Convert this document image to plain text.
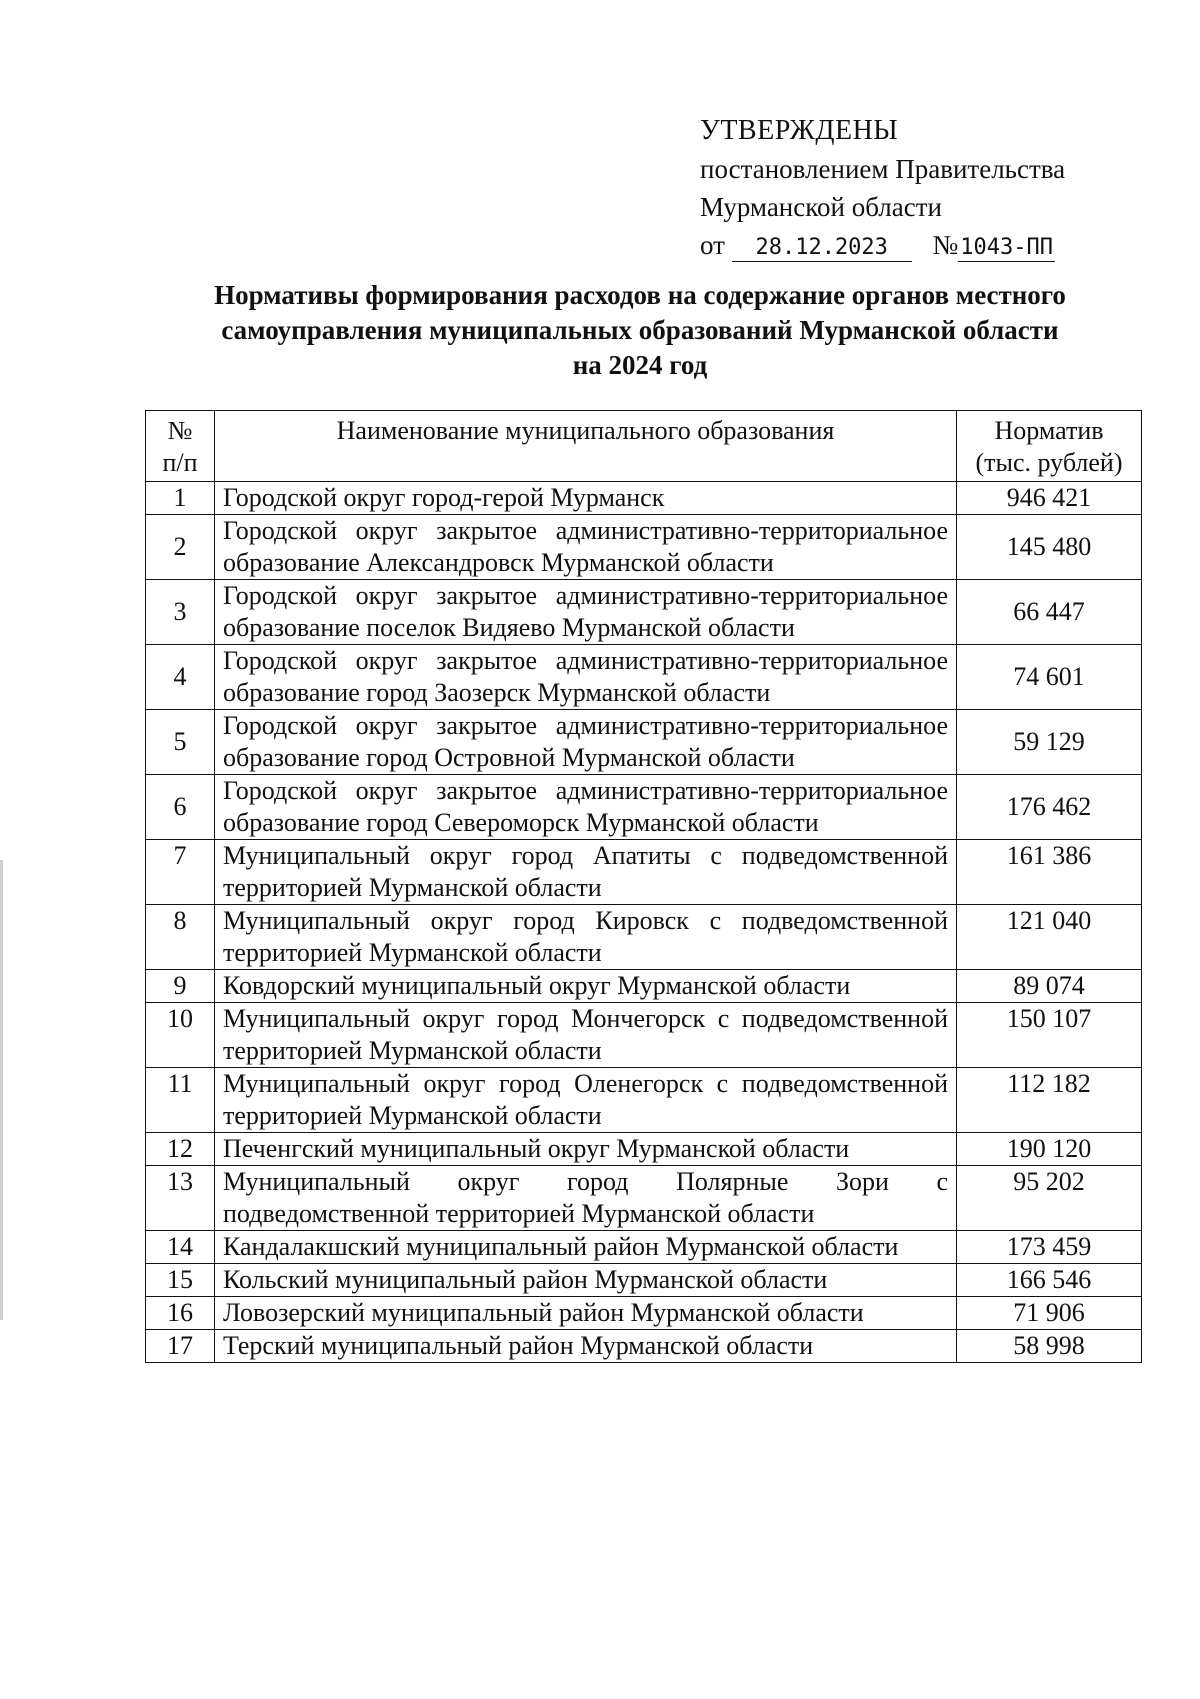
УТВЕРЖДЕНЫ
постановлением Правительства
Мурманской области
от 28.12.2023 №1043-ПП
Нормативы формирования расходов на содержание органов местного
самоуправления муниципальных образований Мурманской области
на 2024 год
№ п/п	Наименование муниципального образования	Норматив (тыс. рублей)
1	Городской округ город-герой Мурманск	946 421
2	Городской округ закрытое административно-территориальное образование Александровск Мурманской области	145 480
3	Городской округ закрытое административно-территориальное образование поселок Видяево Мурманской области	66 447
4	Городской округ закрытое административно-территориальное образование город Заозерск Мурманской области	74 601
5	Городской округ закрытое административно-территориальное образование город Островной Мурманской области	59 129
6	Городской округ закрытое административно-территориальное образование город Североморск Мурманской области	176 462
7	Муниципальный округ город Апатиты с подведомственной территорией Мурманской области	161 386
8	Муниципальный округ город Кировск с подведомственной территорией Мурманской области	121 040
9	Ковдорский муниципальный округ Мурманской области	89 074
10	Муниципальный округ город Мончегорск с подведомственной территорией Мурманской области	150 107
11	Муниципальный округ город Оленегорск с подведомственной территорией Мурманской области	112 182
12	Печенгский муниципальный округ Мурманской области	190 120
13	Муниципальный округ город Полярные Зори с подведомственной территорией Мурманской области	95 202
14	Кандалакшский муниципальный район Мурманской области	173 459
15	Кольский муниципальный район Мурманской области	166 546
16	Ловозерский муниципальный район Мурманской области	71 906
17	Терский муниципальный район Мурманской области	58 998
